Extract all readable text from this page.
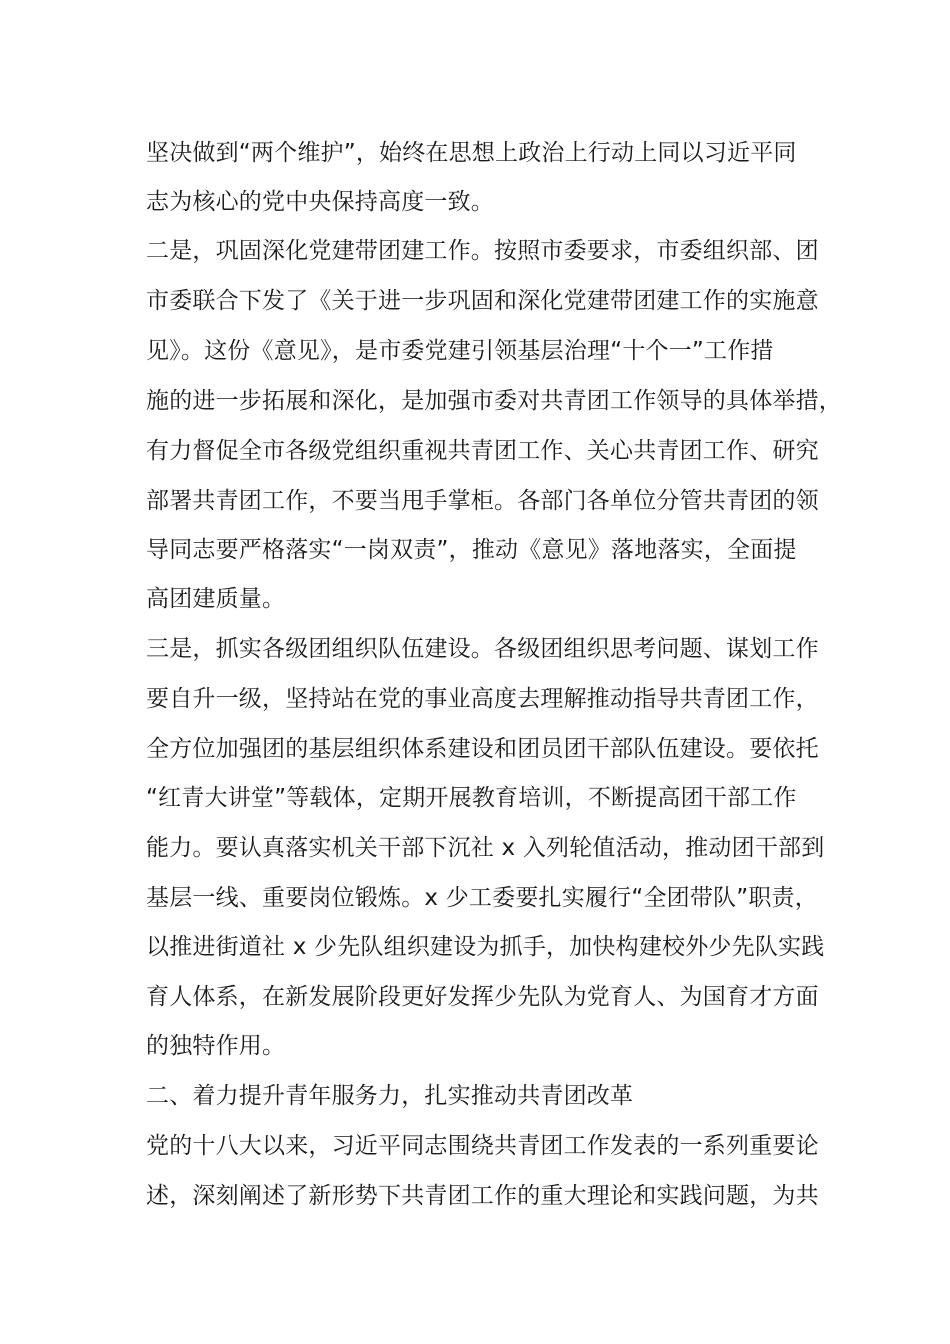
坚决做到“两个维护”，始终在思想上政治上行动上同以习近平同
志为核心的党中央保持高度一致。
二是，巩固深化党建带团建工作。按照市委要求，市委组织部、团
市委联合下发了《关于进一步巩固和深化党建带团建工作的实施意
见》。这份《意见》，是市委党建引领基层治理“十个一”工作措
施的进一步拓展和深化，是加强市委对共青团工作领导的具体举措，
有力督促全市各级党组织重视共青团工作、关心共青团工作、研究
部署共青团工作，不要当甩手掌柜。各部门各单位分管共青团的领
导同志要严格落实“一岗双责”，推动《意见》落地落实，全面提
高团建质量。
三是，抓实各级团组织队伍建设。各级团组织思考问题、谋划工作
要自升一级，坚持站在党的事业高度去理解推动指导共青团工作，
全方位加强团的基层组织体系建设和团员团干部队伍建设。要依托
“红青大讲堂”等载体，定期开展教育培训，不断提高团干部工作
能力。要认真落实机关干部下沉社 x 入列轮值活动，推动团干部到
基层一线、重要岗位锻炼。x 少工委要扎实履行“全团带队”职责，
以推进街道社 x 少先队组织建设为抓手，加快构建校外少先队实践
育人体系，在新发展阶段更好发挥少先队为党育人、为国育才方面
的独特作用。
二、着力提升青年服务力，扎实推动共青团改革
党的十八大以来，习近平同志围绕共青团工作发表的一系列重要论
述，深刻阐述了新形势下共青团工作的重大理论和实践问题，为共
